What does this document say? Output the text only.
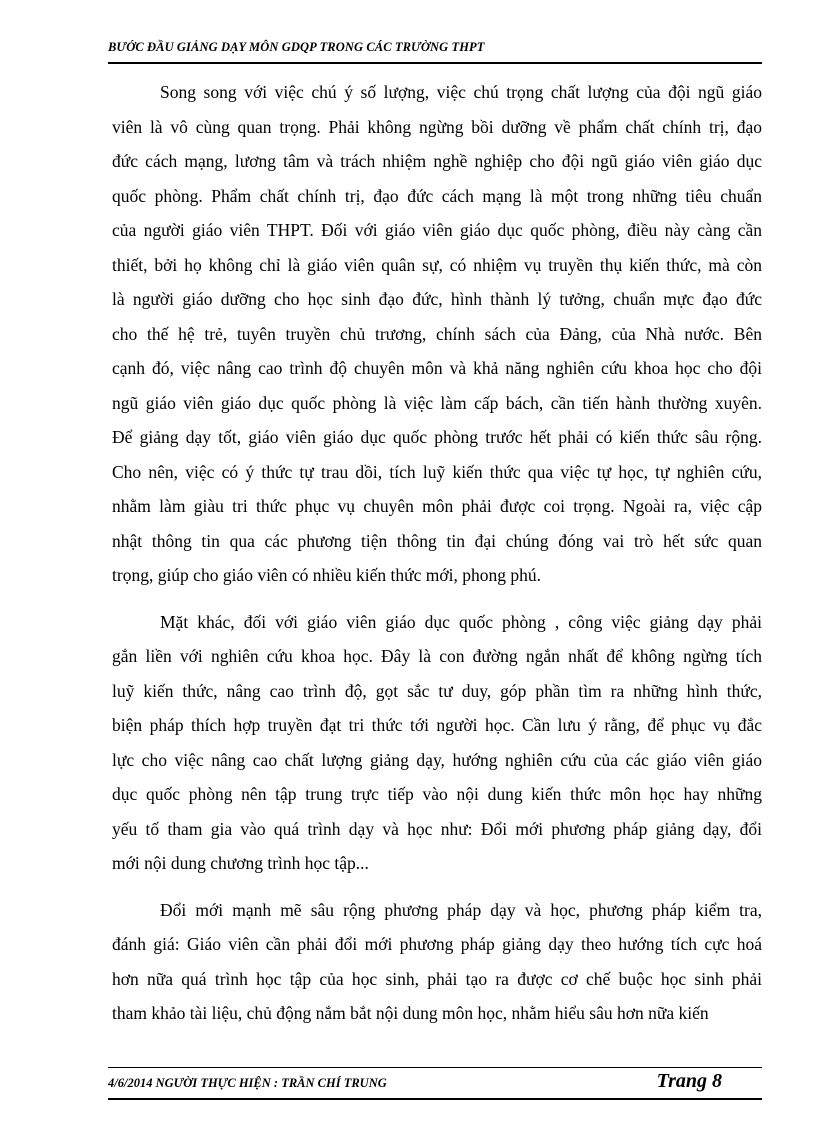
BƯỚC ĐẦU GIẢNG DẠY MÔN GDQP TRONG CÁC TRƯỜNG THPT
Song song với việc chú ý số lượng, việc chú trọng chất lượng của đội ngũ giáo
viên là vô cùng quan trọng. Phải không ngừng bồi dưỡng về phẩm chất chính trị, đạo
đức cách mạng, lương tâm và trách nhiệm nghề nghiệp cho đội ngũ giáo viên giáo dục
quốc phòng. Phẩm chất chính trị, đạo đức cách mạng là một trong những tiêu chuẩn
của người giáo viên THPT. Đối với giáo viên giáo dục quốc phòng, điều này càng cần
thiết, bởi họ không chỉ là giáo viên quân sự, có nhiệm vụ truyền thụ kiến thức, mà còn
là người giáo dưỡng cho học sinh đạo đức, hình thành lý tưởng, chuẩn mực đạo đức
cho thế hệ trẻ, tuyên truyền chủ trương, chính sách của Đảng, của Nhà nước. Bên
cạnh đó, việc nâng cao trình độ chuyên môn và khả năng nghiên cứu khoa học cho đội
ngũ giáo viên giáo dục quốc phòng là việc làm cấp bách, cần tiến hành thường xuyên.
Để giảng dạy tốt, giáo viên giáo dục quốc phòng trước hết phải có kiến thức sâu rộng.
Cho nên, việc có ý thức tự trau dồi, tích luỹ kiến thức qua việc tự học, tự nghiên cứu,
nhằm làm giàu tri thức phục vụ chuyên môn phải được coi trọng. Ngoài ra, việc cập
nhật thông tin qua các phương tiện thông tin đại chúng đóng vai trò hết sức quan
trọng, giúp cho giáo viên có nhiều kiến thức mới, phong phú.
Mặt khác, đối với giáo viên giáo dục quốc phòng , công việc giảng dạy phải
gắn liền với nghiên cứu khoa học. Đây là con đường ngắn nhất để không ngừng tích
luỹ kiến thức, nâng cao trình độ, gọt sắc tư duy, góp phần tìm ra những hình thức,
biện pháp thích hợp truyền đạt tri thức tới người học. Cần lưu ý rằng, để phục vụ đắc
lực cho việc nâng cao chất lượng giảng dạy, hướng nghiên cứu của các giáo viên giáo
dục quốc phòng nên tập trung trực tiếp vào nội dung kiến thức môn học hay những
yếu tố tham gia vào quá trình dạy và học như: Đổi mới phương pháp giảng dạy, đổi
mới nội dung chương trình học tập...
Đổi mới mạnh mẽ sâu rộng phương pháp dạy và học, phương pháp kiểm tra,
đánh giá: Giáo viên cần phải đổi mới phương pháp giảng dạy theo hướng tích cực hoá
hơn nữa quá trình học tập của học sinh, phải tạo ra được cơ chế buộc học sinh phải
tham khảo tài liệu, chủ động nắm bắt nội dung môn học, nhằm hiểu sâu hơn nữa kiến
4/6/2014 NGƯỜI THỰC HIỆN : TRẦN CHÍ TRUNG	Trang 8
